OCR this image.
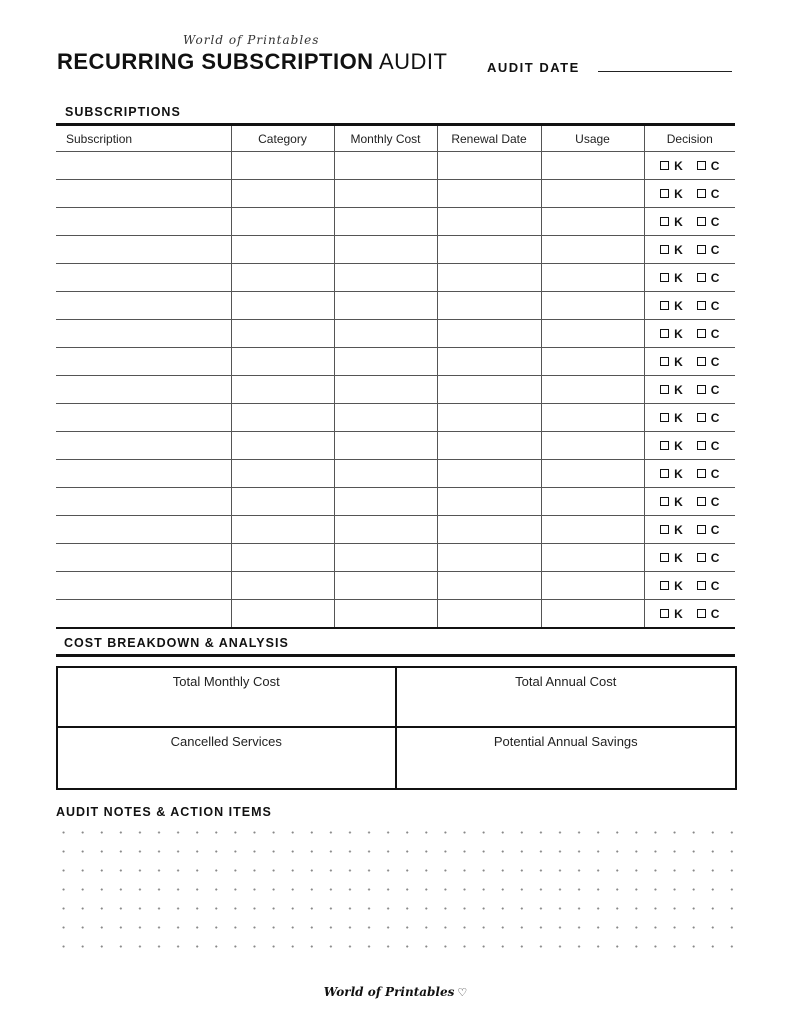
World of Printables
RECURRING SUBSCRIPTION AUDIT	AUDIT DATE
SUBSCRIPTIONS
Subscription	Category	Monthly Cost	Renewal Date	Usage	Decision

					K C

					K C

					K C

					K C

					K C

					K C

					K C

					K C

					K C

					K C

					K C

					K C

					K C

					K C

					K C

					K C

					K C
COST BREAKDOWN & ANALYSIS
Total Monthly Cost	Total Annual Cost
Cancelled Services	Potential Annual Savings
AUDIT NOTES & ACTION ITEMS
World of Printables ♡
